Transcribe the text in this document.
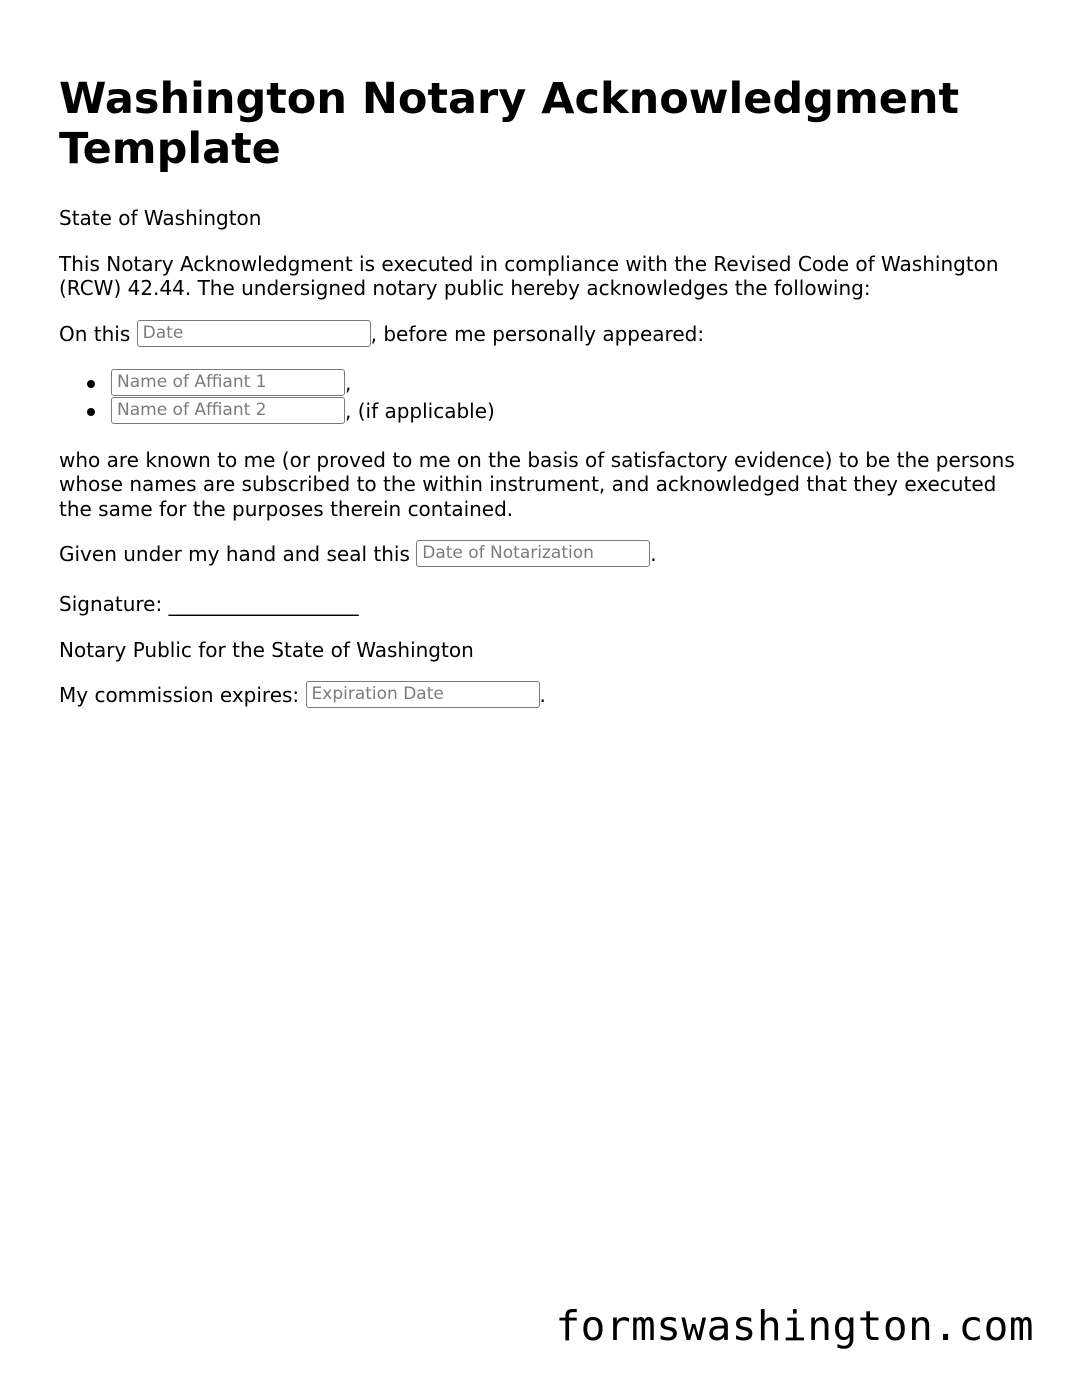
Washington Notary Acknowledgment Template

State of Washington

This Notary Acknowledgment is executed in compliance with the Revised Code of Washington (RCW) 42.44. The undersigned notary public hereby acknowledges the following:

On this Date	, before me personally appeared:

Name of Affiant 1	,
Name of Affiant 2	, (if applicable)

who are known to me (or proved to me on the basis of satisfactory evidence) to be the persons whose names are subscribed to the within instrument, and acknowledged that they executed the same for the purposes therein contained.

Given under my hand and seal this Date of Notarization	.

Signature: ___________________

Notary Public for the State of Washington

My commission expires: Expiration Date	.

formswashington.com
